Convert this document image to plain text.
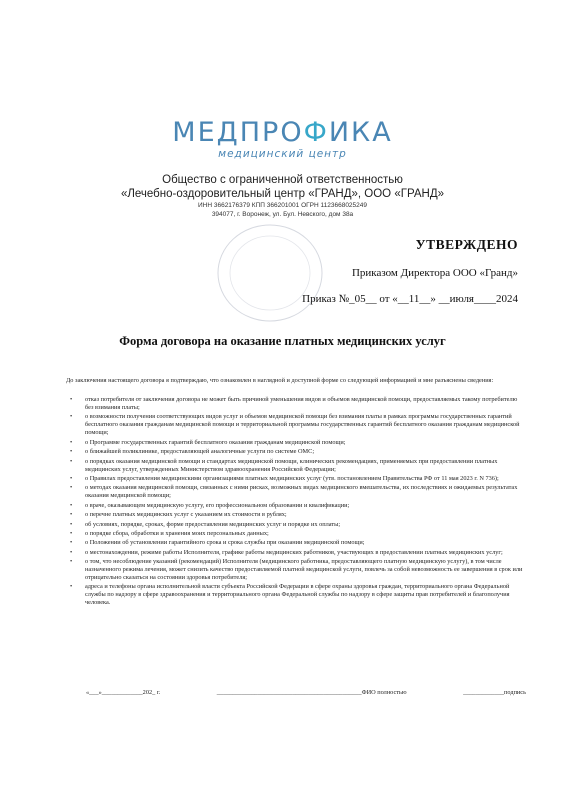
МЕДПРОФИКА
медицинский центр
Общество с ограниченной ответственностью
«Лечебно-оздоровительный центр «ГРАНД», ООО «ГРАНД»
ИНН 3662176379 КПП 366201001 ОГРН 1123668025249
394077, г. Воронеж, ул. Бул. Невского, дом 38а
УТВЕРЖДЕНО
Приказом Директора ООО «Гранд»
Приказ №_05__ от «__11__» __июля____2024
Форма договора на оказание платных медицинских услуг
До заключения настоящего договора я подтверждаю, что ознакомлен в наглядной и доступной форме со следующей информацией и мне разъяснены сведения:
• отказ потребителя от заключения договора не может быть причиной уменьшения видов и объемов медицинской помощи, предоставляемых такому потребителю без взимания платы;
• о возможности получения соответствующих видов услуг и объемов медицинской помощи без взимания платы в рамках программы государственных гарантий бесплатного оказания гражданам медицинской помощи и территориальной программы государственных гарантий бесплатного оказания гражданам медицинской помощи;
• о Программе государственных гарантий бесплатного оказания гражданам медицинской помощи;
• о ближайшей поликлинике, предоставляющей аналогичные услуги по системе ОМС;
• о порядках оказания медицинской помощи и стандартах медицинской помощи, клинических рекомендациях, применяемых при предоставлении платных медицинских услуг, утвержденных Министерством здравоохранения Российской Федерации;
• о Правилах предоставления медицинскими организациями платных медицинских услуг (утв. постановлением Правительства РФ от 11 мая 2023 г. N 736);
• о методах оказания медицинской помощи, связанных с ними рисках, возможных видах медицинского вмешательства, их последствиях и ожидаемых результатах оказания медицинской помощи;
• о враче, оказывающем медицинскую услугу, его профессиональном образовании и квалификации;
• о перечне платных медицинских услуг с указанием их стоимости в рублях;
• об условиях, порядке, сроках, форме предоставления медицинских услуг и порядке их оплаты;
• о порядке сбора, обработки и хранения моих персональных данных;
• о Положении об установлении гарантийного срока и срока службы при оказании медицинской помощи;
• о местонахождении, режиме работы Исполнителя, графике работы медицинских работников, участвующих в предоставлении платных медицинских услуг;
• о том, что несоблюдение указаний (рекомендаций) Исполнителя (медицинского работника, предоставляющего платную медицинскую услугу), в том числе назначенного режима лечения, может снизить качество предоставляемой платной медицинской услуги, повлечь за собой невозможность ее завершения в срок или отрицательно сказаться на состоянии здоровья потребителя;
• адреса и телефоны органа исполнительной власти субъекта Российской Федерации в сфере охраны здоровья граждан, территориального органа Федеральной службы по надзору в сфере здравоохранения и территориального органа Федеральной службы по надзору в сфере защиты прав потребителей и благополучия человека.
«___»_____________202_ г.	______________________________________________ФИО полностью	_____________подпись
